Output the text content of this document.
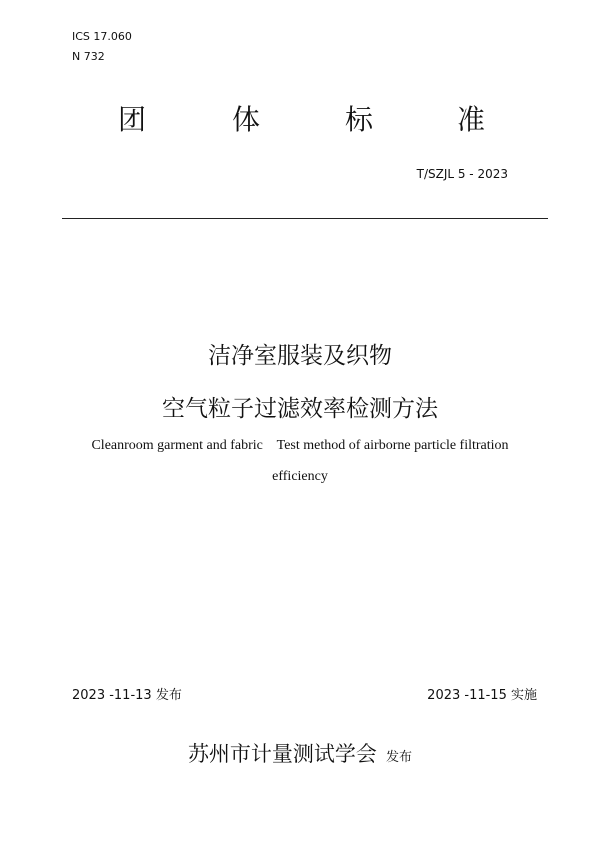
ICS 17.060
N 732
团	体	标	准
T/SZJL 5 - 2023
洁净室服装及织物
空气粒子过滤效率检测方法
Cleanroom garment and fabric    Test method of airborne particle filtration
efficiency
2023 -11-13 发布	2023 -11-15 实施
苏州市计量测试学会 发布
